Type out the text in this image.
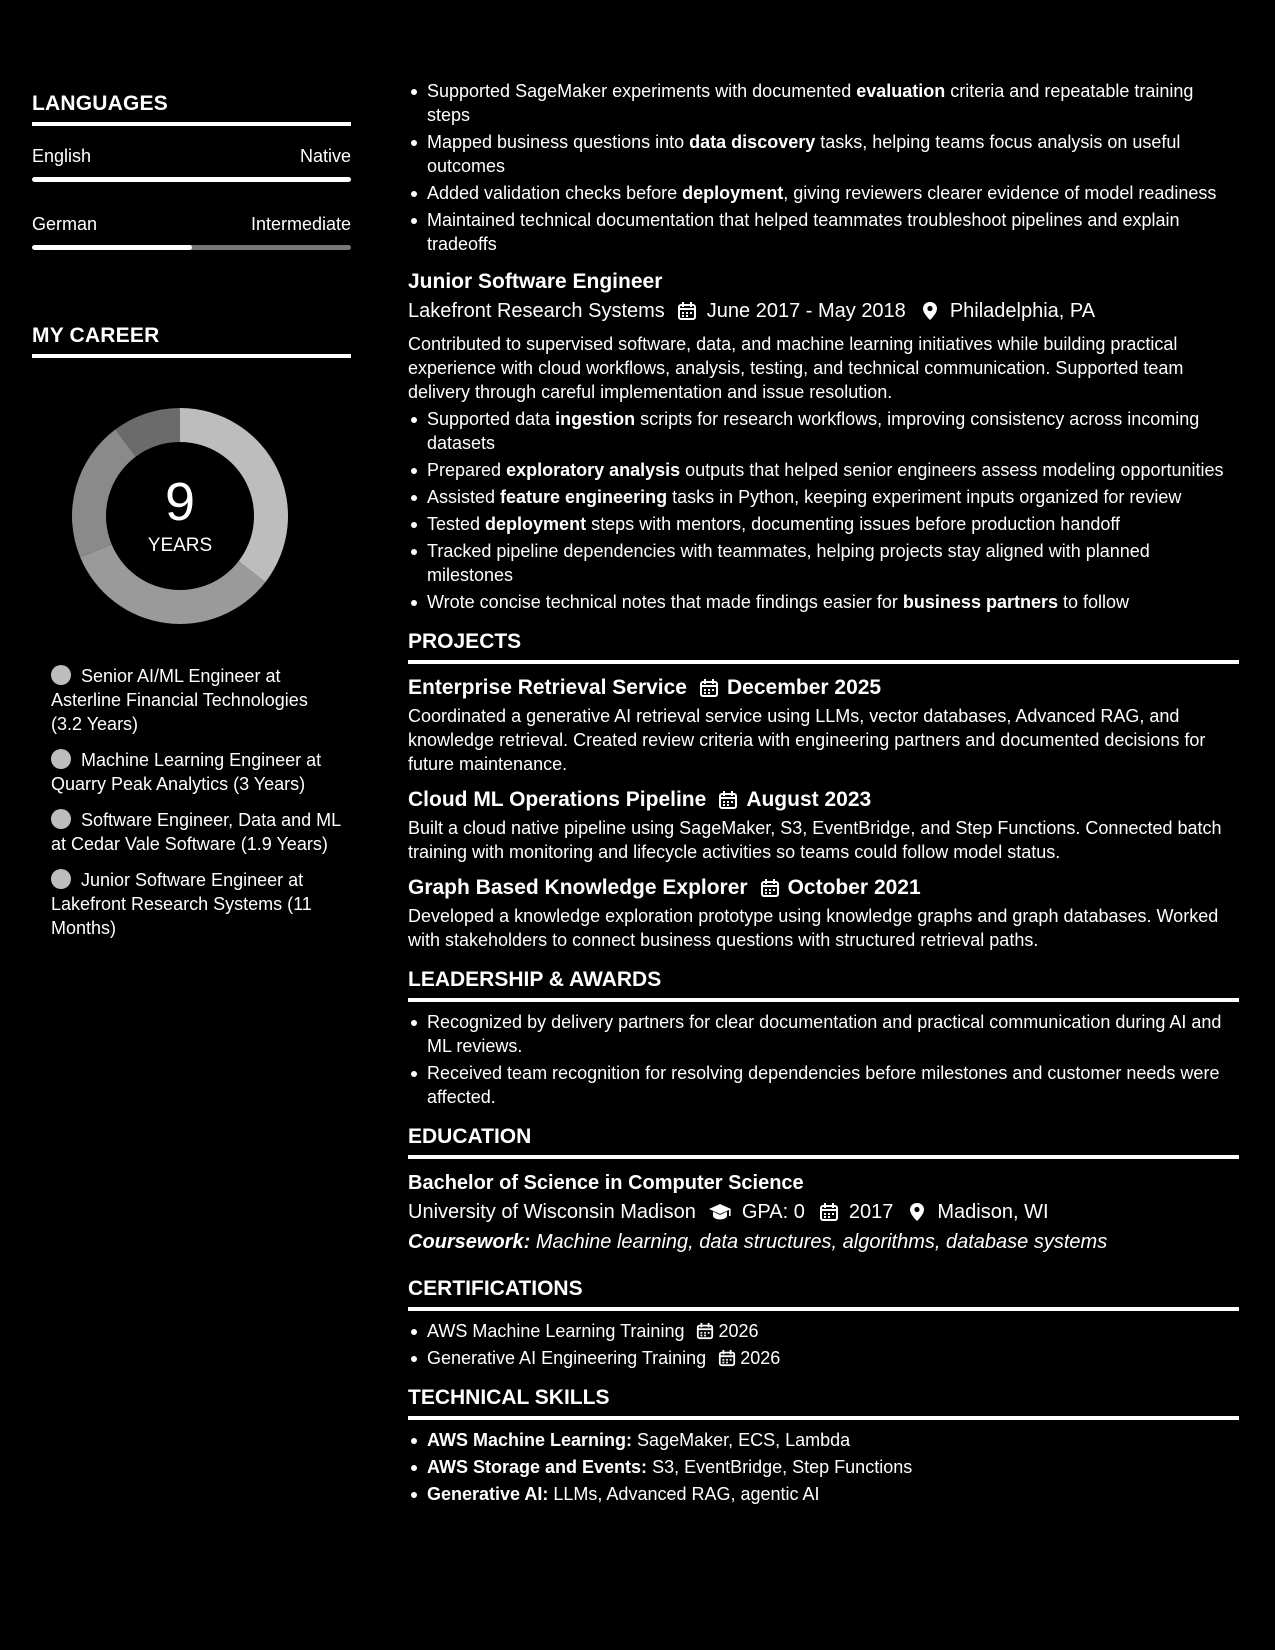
LANGUAGES
English	Native
German	Intermediate
MY CAREER
9
YEARS
Senior AI/ML Engineer at Asterline Financial Technologies (3.2 Years)
Machine Learning Engineer at Quarry Peak Analytics (3 Years)
Software Engineer, Data and ML at Cedar Vale Software (1.9 Years)
Junior Software Engineer at Lakefront Research Systems (11 Months)
Supported SageMaker experiments with documented evaluation criteria and repeatable training steps
Mapped business questions into data discovery tasks, helping teams focus analysis on useful outcomes
Added validation checks before deployment, giving reviewers clearer evidence of model readiness
Maintained technical documentation that helped teammates troubleshoot pipelines and explain tradeoffs
Junior Software Engineer
Lakefront Research Systems June 2017 - May 2018 Philadelphia, PA
Contributed to supervised software, data, and machine learning initiatives while building practical experience with cloud workflows, analysis, testing, and technical communication. Supported team delivery through careful implementation and issue resolution.
Supported data ingestion scripts for research workflows, improving consistency across incoming datasets
Prepared exploratory analysis outputs that helped senior engineers assess modeling opportunities
Assisted feature engineering tasks in Python, keeping experiment inputs organized for review
Tested deployment steps with mentors, documenting issues before production handoff
Tracked pipeline dependencies with teammates, helping projects stay aligned with planned milestones
Wrote concise technical notes that made findings easier for business partners to follow
PROJECTS
Enterprise Retrieval Service December 2025
Coordinated a generative AI retrieval service using LLMs, vector databases, Advanced RAG, and knowledge retrieval. Created review criteria with engineering partners and documented decisions for future maintenance.
Cloud ML Operations Pipeline August 2023
Built a cloud native pipeline using SageMaker, S3, EventBridge, and Step Functions. Connected batch training with monitoring and lifecycle activities so teams could follow model status.
Graph Based Knowledge Explorer October 2021
Developed a knowledge exploration prototype using knowledge graphs and graph databases. Worked with stakeholders to connect business questions with structured retrieval paths.
LEADERSHIP & AWARDS
Recognized by delivery partners for clear documentation and practical communication during AI and ML reviews.
Received team recognition for resolving dependencies before milestones and customer needs were affected.
EDUCATION
Bachelor of Science in Computer Science
University of Wisconsin Madison GPA: 0 2017 Madison, WI
Coursework: Machine learning, data structures, algorithms, database systems
CERTIFICATIONS
AWS Machine Learning Training 2026
Generative AI Engineering Training 2026
TECHNICAL SKILLS
AWS Machine Learning: SageMaker, ECS, Lambda
AWS Storage and Events: S3, EventBridge, Step Functions
Generative AI: LLMs, Advanced RAG, agentic AI
